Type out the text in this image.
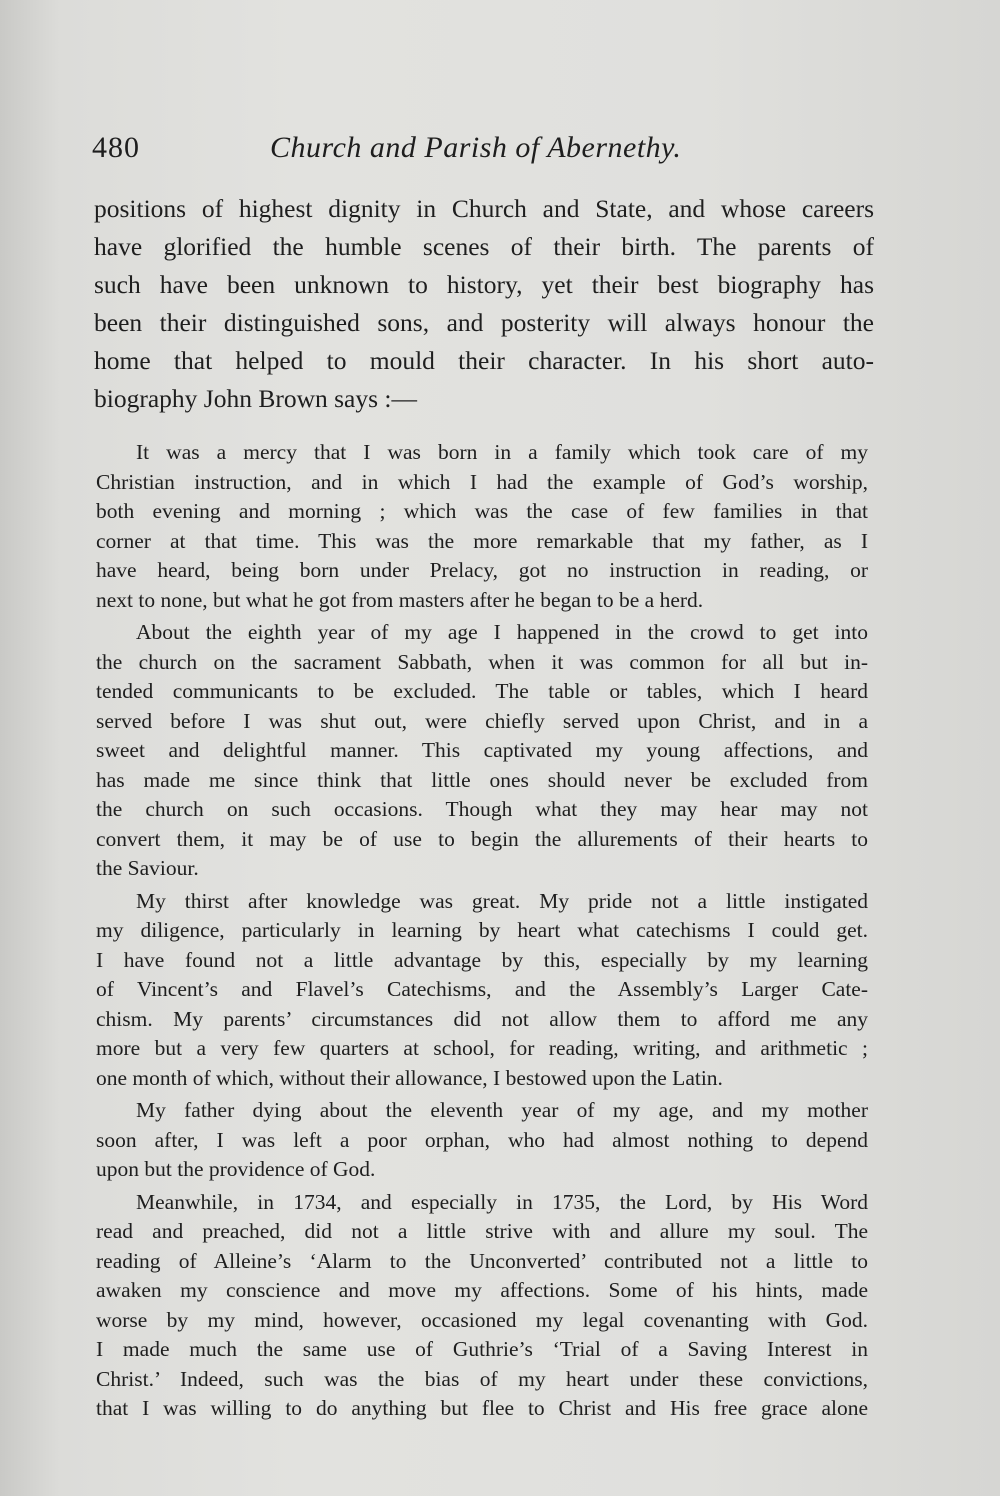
480	Church and Parish of Abernethy.
positions of highest dignity in Church and State, and whose careers
have glorified the humble scenes of their birth. The parents of
such have been unknown to history, yet their best biography has
been their distinguished sons, and posterity will always honour the
home that helped to mould their character. In his short auto-
biography John Brown says :—
It was a mercy that I was born in a family which took care of my
Christian instruction, and in which I had the example of God’s worship,
both evening and morning ; which was the case of few families in that
corner at that time. This was the more remarkable that my father, as I
have heard, being born under Prelacy, got no instruction in reading, or
next to none, but what he got from masters after he began to be a herd.
About the eighth year of my age I happened in the crowd to get into
the church on the sacrament Sabbath, when it was common for all but in-
tended communicants to be excluded. The table or tables, which I heard
served before I was shut out, were chiefly served upon Christ, and in a
sweet and delightful manner. This captivated my young affections, and
has made me since think that little ones should never be excluded from
the church on such occasions. Though what they may hear may not
convert them, it may be of use to begin the allurements of their hearts to
the Saviour.
My thirst after knowledge was great. My pride not a little instigated
my diligence, particularly in learning by heart what catechisms I could get.
I have found not a little advantage by this, especially by my learning
of Vincent’s and Flavel’s Catechisms, and the Assembly’s Larger Cate-
chism. My parents’ circumstances did not allow them to afford me any
more but a very few quarters at school, for reading, writing, and arithmetic ;
one month of which, without their allowance, I bestowed upon the Latin.
My father dying about the eleventh year of my age, and my mother
soon after, I was left a poor orphan, who had almost nothing to depend
upon but the providence of God.
Meanwhile, in 1734, and especially in 1735, the Lord, by His Word
read and preached, did not a little strive with and allure my soul. The
reading of Alleine’s ‘Alarm to the Unconverted’ contributed not a little to
awaken my conscience and move my affections. Some of his hints, made
worse by my mind, however, occasioned my legal covenanting with God.
I made much the same use of Guthrie’s ‘Trial of a Saving Interest in
Christ.’ Indeed, such was the bias of my heart under these convictions,
that I was willing to do anything but flee to Christ and His free grace alone
